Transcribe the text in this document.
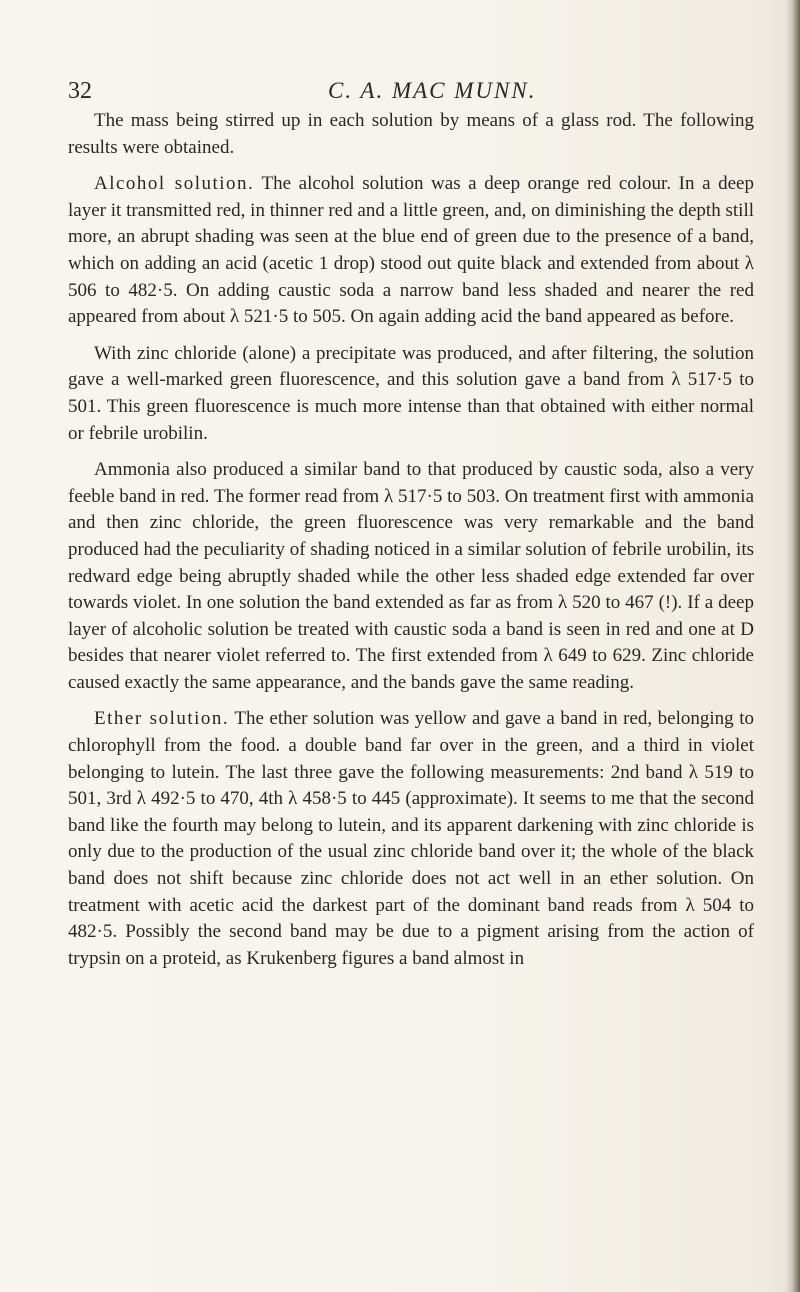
32	C. A. MAC MUNN.

The mass being stirred up in each solution by means of a glass rod. The following results were obtained.

Alcohol solution. The alcohol solution was a deep orange red colour. In a deep layer it transmitted red, in thinner red and a little green, and, on diminishing the depth still more, an abrupt shading was seen at the blue end of green due to the presence of a band, which on adding an acid (acetic 1 drop) stood out quite black and extended from about λ 506 to 482·5. On adding caustic soda a narrow band less shaded and nearer the red appeared from about λ 521·5 to 505. On again adding acid the band appeared as before.

With zinc chloride (alone) a precipitate was produced, and after filtering, the solution gave a well-marked green fluorescence, and this solution gave a band from λ 517·5 to 501. This green fluorescence is much more intense than that obtained with either normal or febrile urobilin.

Ammonia also produced a similar band to that produced by caustic soda, also a very feeble band in red. The former read from λ 517·5 to 503. On treatment first with ammonia and then zinc chloride, the green fluorescence was very remarkable and the band produced had the peculiarity of shading noticed in a similar solution of febrile urobilin, its redward edge being abruptly shaded while the other less shaded edge extended far over towards violet. In one solution the band extended as far as from λ 520 to 467 (!). If a deep layer of alcoholic solution be treated with caustic soda a band is seen in red and one at D besides that nearer violet referred to. The first extended from λ 649 to 629. Zinc chloride caused exactly the same appearance, and the bands gave the same reading.

Ether solution. The ether solution was yellow and gave a band in red, belonging to chlorophyll from the food. a double band far over in the green, and a third in violet belonging to lutein. The last three gave the following measurements: 2nd band λ 519 to 501, 3rd λ 492·5 to 470, 4th λ 458·5 to 445 (approximate). It seems to me that the second band like the fourth may belong to lutein, and its apparent darkening with zinc chloride is only due to the production of the usual zinc chloride band over it; the whole of the black band does not shift because zinc chloride does not act well in an ether solution. On treatment with acetic acid the darkest part of the dominant band reads from λ 504 to 482·5. Possibly the second band may be due to a pigment arising from the action of trypsin on a proteid, as Krukenberg figures a band almost in
